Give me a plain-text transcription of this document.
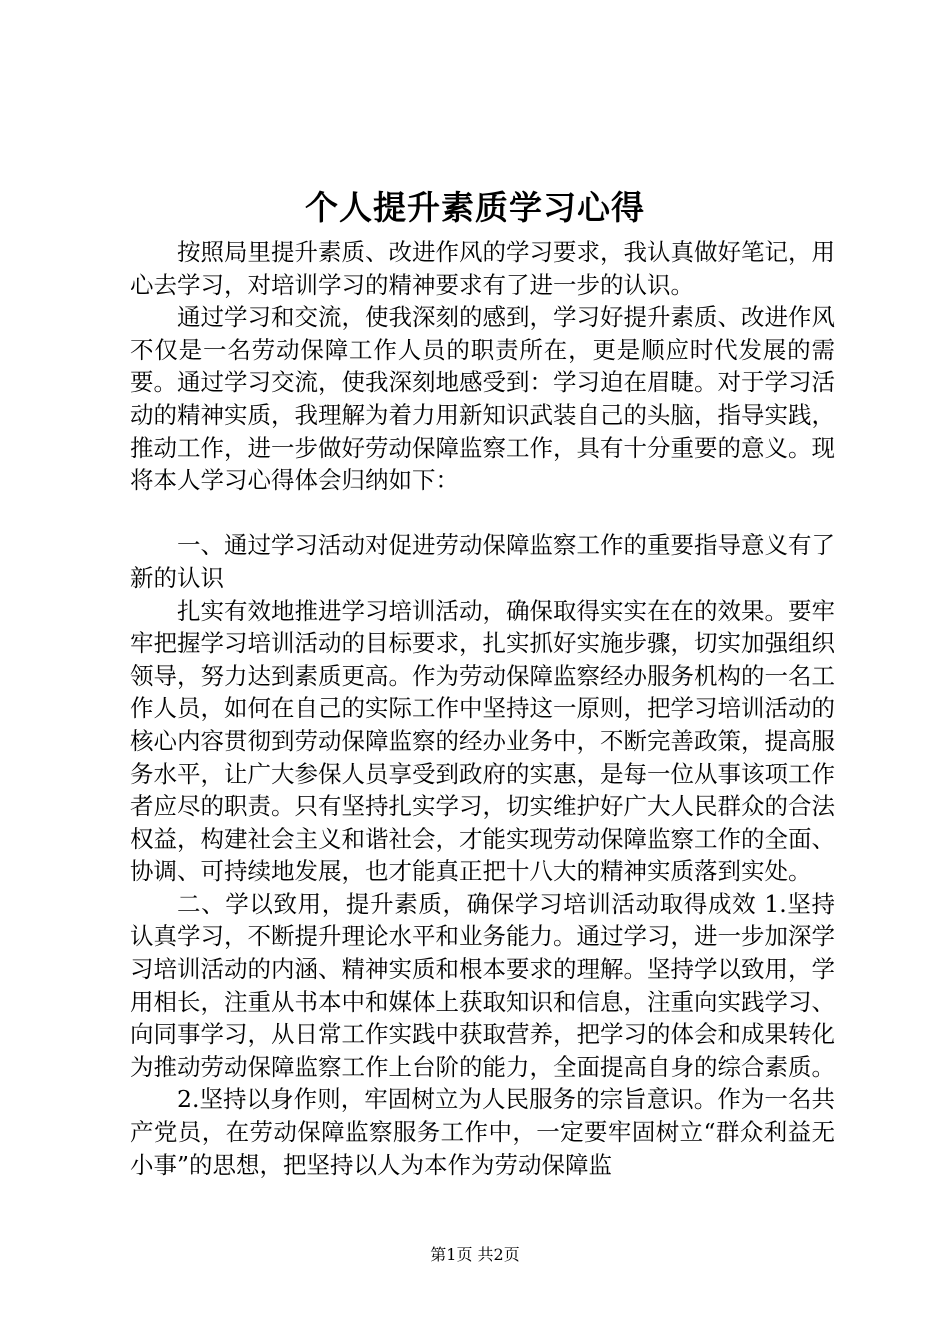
个人提升素质学习心得

按照局里提升素质、改进作风的学习要求，我认真做好笔记，用心去学习，对培训学习的精神要求有了进一步的认识。

通过学习和交流，使我深刻的感到，学习好提升素质、改进作风不仅是一名劳动保障工作人员的职责所在，更是顺应时代发展的需要。通过学习交流，使我深刻地感受到：学习迫在眉睫。对于学习活动的精神实质，我理解为着力用新知识武装自己的头脑，指导实践，推动工作，进一步做好劳动保障监察工作，具有十分重要的意义。现将本人学习心得体会归纳如下：

一、通过学习活动对促进劳动保障监察工作的重要指导意义有了新的认识

扎实有效地推进学习培训活动，确保取得实实在在的效果。要牢牢把握学习培训活动的目标要求，扎实抓好实施步骤，切实加强组织领导，努力达到素质更高。作为劳动保障监察经办服务机构的一名工作人员，如何在自己的实际工作中坚持这一原则，把学习培训活动的核心内容贯彻到劳动保障监察的经办业务中，不断完善政策，提高服务水平，让广大参保人员享受到政府的实惠，是每一位从事该项工作者应尽的职责。只有坚持扎实学习，切实维护好广大人民群众的合法权益，构建社会主义和谐社会，才能实现劳动保障监察工作的全面、协调、可持续地发展，也才能真正把十八大的精神实质落到实处。

二、学以致用，提升素质，确保学习培训活动取得成效 1.坚持认真学习，不断提升理论水平和业务能力。通过学习，进一步加深学习培训活动的内涵、精神实质和根本要求的理解。坚持学以致用，学用相长，注重从书本中和媒体上获取知识和信息，注重向实践学习、向同事学习，从日常工作实践中获取营养，把学习的体会和成果转化为推动劳动保障监察工作上台阶的能力，全面提高自身的综合素质。

2.坚持以身作则，牢固树立为人民服务的宗旨意识。作为一名共产党员，在劳动保障监察服务工作中，一定要牢固树立“群众利益无小事”的思想，把坚持以人为本作为劳动保障监

第1页 共2页
